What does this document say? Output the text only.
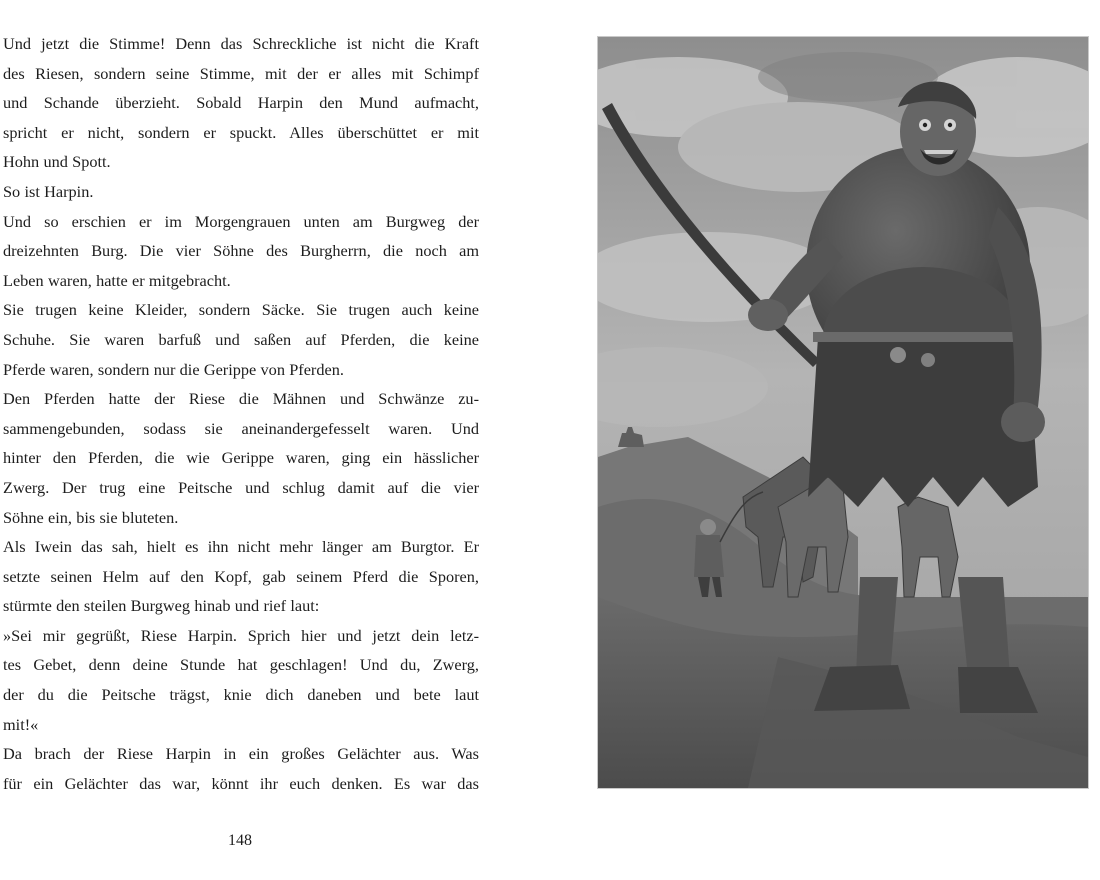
Und jetzt die Stimme! Denn das Schreckliche ist nicht die Kraft
des Riesen, sondern seine Stimme, mit der er alles mit Schimpf
und Schande überzieht. Sobald Harpin den Mund aufmacht,
spricht er nicht, sondern er spuckt. Alles überschüttet er mit
Hohn und Spott.
So ist Harpin.
Und so erschien er im Morgengrauen unten am Burgweg der
dreizehnten Burg. Die vier Söhne des Burgherrn, die noch am
Leben waren, hatte er mitgebracht.
Sie trugen keine Kleider, sondern Säcke. Sie trugen auch keine
Schuhe. Sie waren barfuß und saßen auf Pferden, die keine
Pferde waren, sondern nur die Gerippe von Pferden.
Den Pferden hatte der Riese die Mähnen und Schwänze zu-
sammengebunden, sodass sie aneinandergefesselt waren. Und
hinter den Pferden, die wie Gerippe waren, ging ein hässlicher
Zwerg. Der trug eine Peitsche und schlug damit auf die vier
Söhne ein, bis sie bluteten.
Als Iwein das sah, hielt es ihn nicht mehr länger am Burgtor. Er
setzte seinen Helm auf den Kopf, gab seinem Pferd die Sporen,
stürmte den steilen Burgweg hinab und rief laut:
»Sei mir gegrüßt, Riese Harpin. Sprich hier und jetzt dein letz-
tes Gebet, denn deine Stunde hat geschlagen! Und du, Zwerg,
der du die Peitsche trägst, knie dich daneben und bete laut
mit!«
Da brach der Riese Harpin in ein großes Gelächter aus. Was
für ein Gelächter das war, könnt ihr euch denken. Es war das
148
